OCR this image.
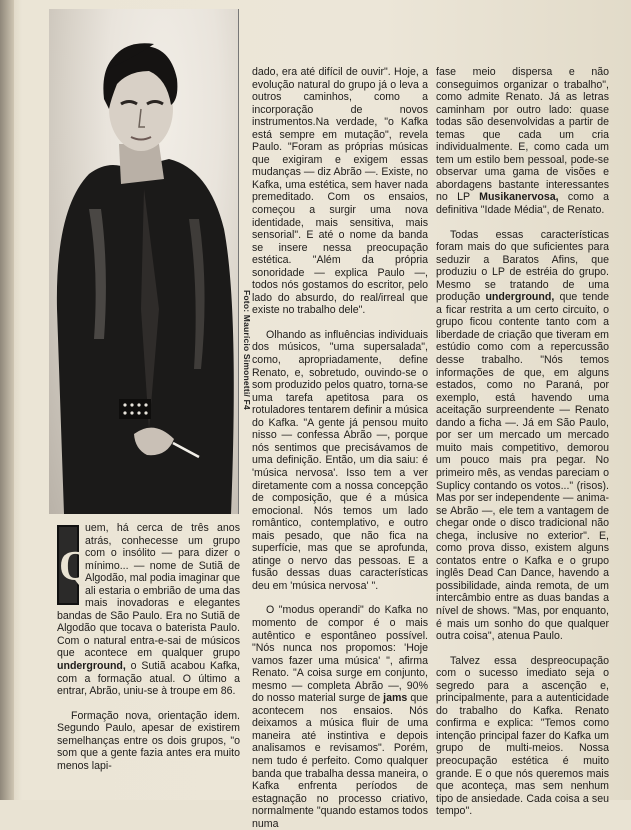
Foto: Maurício Simonetti/ F4

Q
uem, há cerca de três anos atrás, conhecesse um grupo com o insólito — para dizer o mínimo... — nome de Sutiã de Algodão, mal podia imaginar que ali estaria o embrião de uma das mais inovadoras e elegantes bandas de São Paulo. Era no Sutiã de Algodão que tocava o baterista Paulo. Com o natural entra-e-sai de músicos que acontece em qualquer grupo underground, o Sutiã acabou Kafka, com a formação atual. O último a entrar, Abrão, uniu-se à troupe em 86.

Formação nova, orientação idem. Segundo Paulo, apesar de existirem semelhanças entre os dois grupos, "o som que a gente fazia antes era muito menos lapi-

dado, era até difícil de ouvir". Hoje, a evolução natural do grupo já o leva a outros caminhos, como a incorporação de novos instrumentos.Na verdade, "o Kafka está sempre em mutação", revela Paulo. "Foram as próprias músicas que exigiram e exigem essas mudanças — diz Abrão —. Existe, no Kafka, uma estética, sem haver nada premeditado. Com os ensaios, começou a surgir uma nova identidade, mais sensitiva, mais sensorial". E até o nome da banda se insere nessa preocupação estética. "Além da própria sonoridade — explica Paulo —, todos nós gostamos do escritor, pelo lado do absurdo, do real/irreal que existe no trabalho dele".

Olhando as influências individuais dos músicos, "uma supersalada", como, apropriadamente, define Renato, e, sobretudo, ouvindo-se o som produzido pelos quatro, torna-se uma tarefa apetitosa para os rotuladores tentarem definir a música do Kafka. "A gente já pensou muito nisso — confessa Abrão —, porque nós sentimos que precisávamos de uma definição. Então, um dia saiu: é 'música nervosa'. Isso tem a ver diretamente com a nossa concepção de composição, que é a música emocional. Nós temos um lado romântico, contemplativo, e outro mais pesado, que não fica na superfície, mas que se aprofunda, atinge o nervo das pessoas. E a fusão dessas duas características deu em 'música nervosa' ".

O "modus operandi" do Kafka no momento de compor é o mais autêntico e espontâneo possível. "Nós nunca nos propomos: 'Hoje vamos fazer uma música' ", afirma Renato. "A coisa surge em conjunto, mesmo — completa Abrão —, 90% do nosso material surge de jams que acontecem nos ensaios. Nós deixamos a música fluir de uma maneira até instintiva e depois analisamos e revisamos". Porém, nem tudo é perfeito. Como qualquer banda que trabalha dessa maneira, o Kafka enfrenta períodos de estagnação no processo criativo, normalmente "quando estamos todos numa

fase meio dispersa e não conseguimos organizar o trabalho", como admite Renato. Já as letras caminham por outro lado: quase todas são desenvolvidas a partir de temas que cada um cria individualmente. E, como cada um tem um estilo bem pessoal, pode-se observar uma gama de visões e abordagens bastante interessantes no LP Musikanervosa, como a definitiva "Idade Média", de Renato.

Todas essas características foram mais do que suficientes para seduzir a Baratos Afins, que produziu o LP de estréia do grupo. Mesmo se tratando de uma produção underground, que tende a ficar restrita a um certo circuito, o grupo ficou contente tanto com a liberdade de criação que tiveram em estúdio como com a repercussão desse trabalho. "Nós temos informações de que, em alguns estados, como no Paraná, por exemplo, está havendo uma aceitação surpreendente — Renato dando a ficha —. Já em São Paulo, por ser um mercado um mercado muito mais competitivo, demorou um pouco mais pra pegar. No primeiro mês, as vendas pareciam o Suplicy contando os votos..." (risos). Mas por ser independente — anima-se Abrão —, ele tem a vantagem de chegar onde o disco tradicional não chega, inclusive no exterior". E, como prova disso, existem alguns contatos entre o Kafka e o grupo inglês Dead Can Dance, havendo a possibilidade, ainda remota, de um intercâmbio entre as duas bandas a nível de shows. "Mas, por enquanto, é mais um sonho do que qualquer outra coisa", atenua Paulo.

Talvez essa despreocupação com o sucesso imediato seja o segredo para a ascenção e, principalmente, para a autenticidade do trabalho do Kafka. Renato confirma e explica: "Temos como intenção principal fazer do Kafka um grupo de multi-meios. Nossa preocupação estética é muito grande. E o que nós queremos mais que aconteça, mas sem nenhum tipo de ansiedade. Cada coisa a seu tempo".
